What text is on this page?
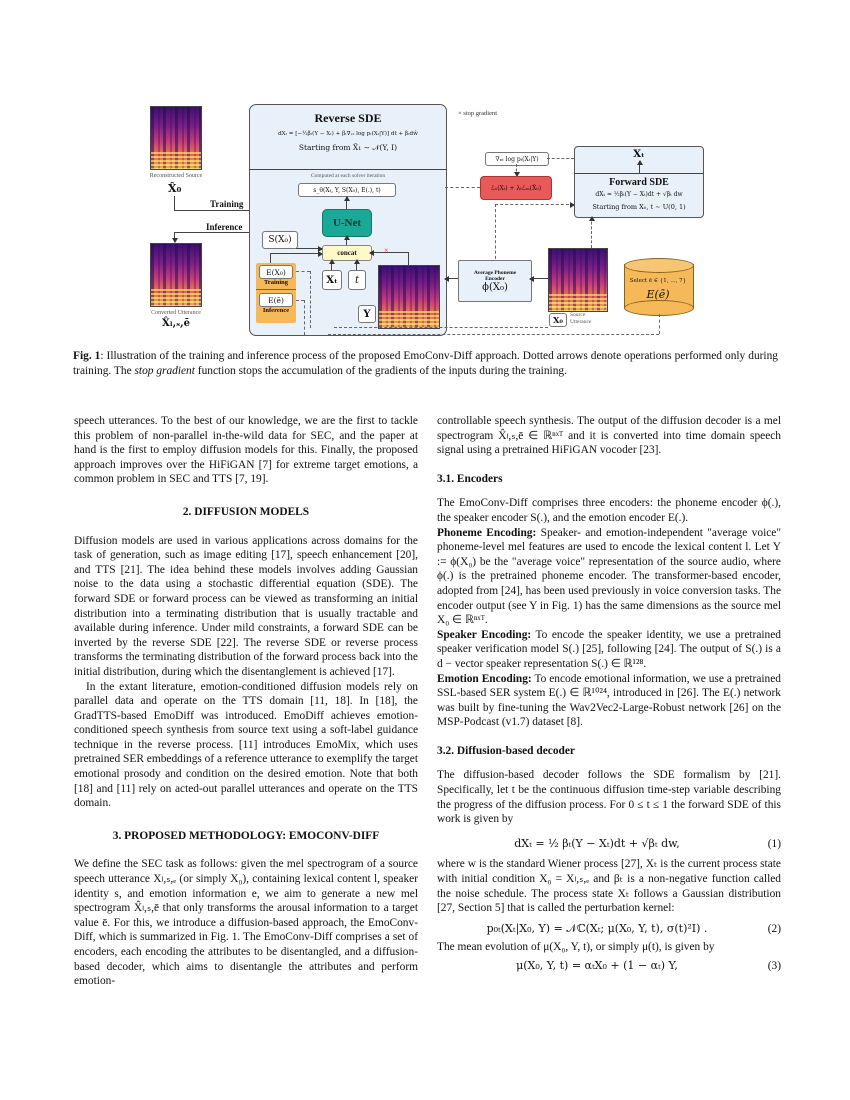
Reconstructed Source
X̂₀
Training
Inference
Converted Utterance
X̂ₗ,ₛ,ē
Reverse SDE
dXₜ = [−½βₜ(Y − Xₜ) + βₜ∇ₓₜ log pₜ(Xₜ|Y)] dt + βₜdŵ
Starting from X̂₁ ∼ 𝒩(Y, I)
Computed at each solver iteration
s_θ(Xₜ, Y, S(X₀), E(.), t)
U-Net
concat
S(X₀)
Xₜ t
E(X₀)
Training
E(ē)
Inference	Y
×
× stop gradient
∇ₓₜ log pₜ(Xₜ|Y)
ℒₛ(Xₜ) + λₜℒₘ(X̂₀)
Xₜ
Forward SDE
dXₜ = ½βₜ(Y − Xₜ)dt + √βₜ dw
Starting from X₀, t ∼ U(0, 1)
Average Phoneme Encoder
ϕ(X₀)
X₀ Source Utterance
Select ē ∈ {1, …, 7}
E(ē)
Fig. 1: Illustration of the training and inference process of the proposed EmoConv-Diff approach. Dotted arrows denote operations performed only during training. The stop gradient function stops the accumulation of the gradients of the inputs during the training.

speech utterances. To the best of our knowledge, we are the first to tackle this problem of non-parallel in-the-wild data for SEC, and the paper at hand is the first to employ diffusion models for this. Finally, the proposed approach improves over the HiFiGAN [7] for extreme target emotions, a common problem in SEC and TTS [7, 19].

2. DIFFUSION MODELS

Diffusion models are used in various applications across domains for the task of generation, such as image editing [17], speech enhancement [20], and TTS [21]. The idea behind these models involves adding Gaussian noise to the data using a stochastic differential equation (SDE). The forward SDE or forward process can be viewed as transforming an initial distribution into a terminating distribution that is usually tractable and available during inference. Under mild constraints, a forward SDE can be inverted by the reverse SDE [22]. The reverse SDE or reverse process transforms the terminating distribution of the forward process back into the initial distribution, during which the disentanglement is achieved [17].

In the extant literature, emotion-conditioned diffusion models rely on parallel data and operate on the TTS domain [11, 18]. In [18], the GradTTS-based EmoDiff was introduced. EmoDiff achieves emotion-conditioned speech synthesis from source text using a soft-label guidance technique in the reverse process. [11] introduces EmoMix, which uses pretrained SER embeddings of a reference utterance to exemplify the target emotional prosody and condition on the desired emotion. Note that both [18] and [11] rely on acted-out parallel utterances and operate on the TTS domain.

3. PROPOSED METHODOLOGY: EMOCONV-DIFF

We define the SEC task as follows: given the mel spectrogram of a source speech utterance Xₗ,ₛ,ₑ (or simply X₀), containing lexical content l, speaker identity s, and emotion information e, we aim to generate a new mel spectrogram X̂ₗ,ₛ,ē that only transforms the arousal information to a target value ē. For this, we introduce a diffusion-based approach, the EmoConv-Diff, which is summarized in Fig. 1. The EmoConv-Diff comprises a set of encoders, each encoding the attributes to be disentangled, and a diffusion-based decoder, which aims to disentangle the attributes and perform emotion-

controllable speech synthesis. The output of the diffusion decoder is a mel spectrogram X̂ₗ,ₛ,ē ∈ ℝⁿˣᵀ and it is converted into time domain speech signal using a pretrained HiFiGAN vocoder [23].

3.1. Encoders

The EmoConv-Diff comprises three encoders: the phoneme encoder ϕ(.), the speaker encoder S(.), and the emotion encoder E(.).

Phoneme Encoding: Speaker- and emotion-independent "average voice" phoneme-level mel features are used to encode the lexical content l. Let Y := ϕ(X₀) be the "average voice" representation of the source audio, where ϕ(.) is the pretrained phoneme encoder. The transformer-based encoder, adopted from [24], has been used previously in voice conversion tasks. The encoder output (see Y in Fig. 1) has the same dimensions as the source mel X₀ ∈ ℝⁿˣᵀ.

Speaker Encoding: To encode the speaker identity, we use a pretrained speaker verification model S(.) [25], following [24]. The output of S(.) is a d − vector speaker representation S(.) ∈ ℝ¹²⁸.

Emotion Encoding: To encode emotional information, we use a pretrained SSL-based SER system E(.) ∈ ℝ¹⁰²⁴, introduced in [26]. The E(.) network was built by fine-tuning the Wav2Vec2-Large-Robust network [26] on the MSP-Podcast (v1.7) dataset [8].

3.2. Diffusion-based decoder

The diffusion-based decoder follows the SDE formalism by [21]. Specifically, let t be the continuous diffusion time-step variable describing the progress of the diffusion process. For 0 ≤ t ≤ 1 the forward SDE of this work is given by

dXₜ = ½ βₜ(Y − Xₜ)dt + √βₜ dw,	(1)

where w is the standard Wiener process [27], Xₜ is the current process state with initial condition X₀ = Xₗ,ₛ,ₑ and βₜ is a non-negative function called the noise schedule. The process state Xₜ follows a Gaussian distribution [27, Section 5] that is called the perturbation kernel:

p₀ₜ(Xₜ|X₀, Y) = 𝒩ℂ(Xₜ; μ(X₀, Y, t), σ(t)²I) .	(2)

The mean evolution of μ(X₀, Y, t), or simply μ(t), is given by

μ(X₀, Y, t) = αₜX₀ + (1 − αₜ) Y,	(3)
